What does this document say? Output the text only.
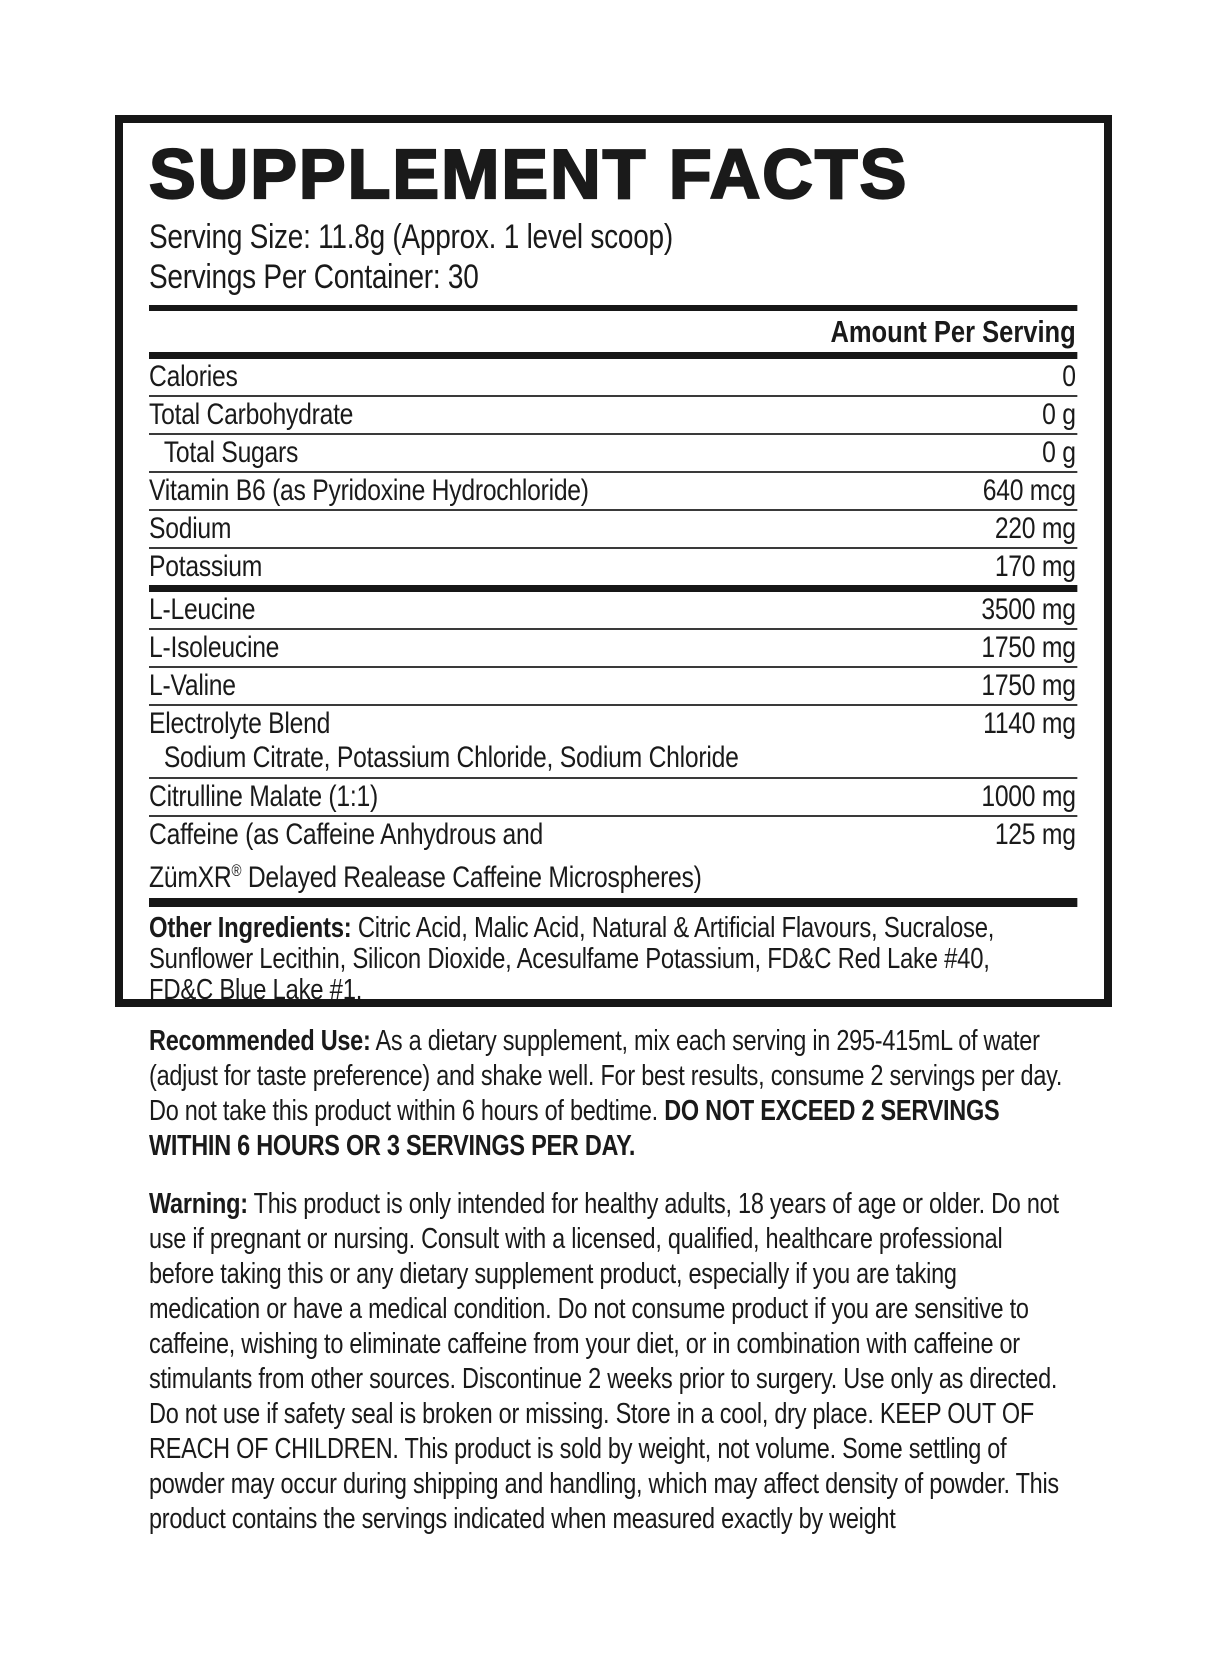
SUPPLEMENT FACTS
Serving Size: 11.8g (Approx. 1 level scoop)
Servings Per Container: 30
Amount Per Serving
Calories	0
Total Carbohydrate	0 g
Total Sugars	0 g
Vitamin B6 (as Pyridoxine Hydrochloride)	640 mcg
Sodium	220 mg
Potassium	170 mg
L-Leucine	3500 mg
L-Isoleucine	1750 mg
L-Valine	1750 mg
Electrolyte Blend	1140 mg
Sodium Citrate, Potassium Chloride, Sodium Chloride
Citrulline Malate (1:1)	1000 mg
Caffeine (as Caffeine Anhydrous and	125 mg
ZümXR® Delayed Realease Caffeine Microspheres)

Other Ingredients: Citric Acid, Malic Acid, Natural & Artificial Flavours, Sucralose, Sunflower Lecithin, Silicon Dioxide, Acesulfame Potassium, FD&C Red Lake #40, FD&C Blue Lake #1.

Recommended Use: As a dietary supplement, mix each serving in 295-415mL of water (adjust for taste preference) and shake well. For best results, consume 2 servings per day. Do not take this product within 6 hours of bedtime. DO NOT EXCEED 2 SERVINGS WITHIN 6 HOURS OR 3 SERVINGS PER DAY.

Warning: This product is only intended for healthy adults, 18 years of age or older. Do not use if pregnant or nursing. Consult with a licensed, qualified, healthcare professional before taking this or any dietary supplement product, especially if you are taking medication or have a medical condition. Do not consume product if you are sensitive to caffeine, wishing to eliminate caffeine from your diet, or in combination with caffeine or stimulants from other sources. Discontinue 2 weeks prior to surgery. Use only as directed. Do not use if safety seal is broken or missing. Store in a cool, dry place. KEEP OUT OF REACH OF CHILDREN. This product is sold by weight, not volume. Some settling of powder may occur during shipping and handling, which may affect density of powder. This product contains the servings indicated when measured exactly by weight
